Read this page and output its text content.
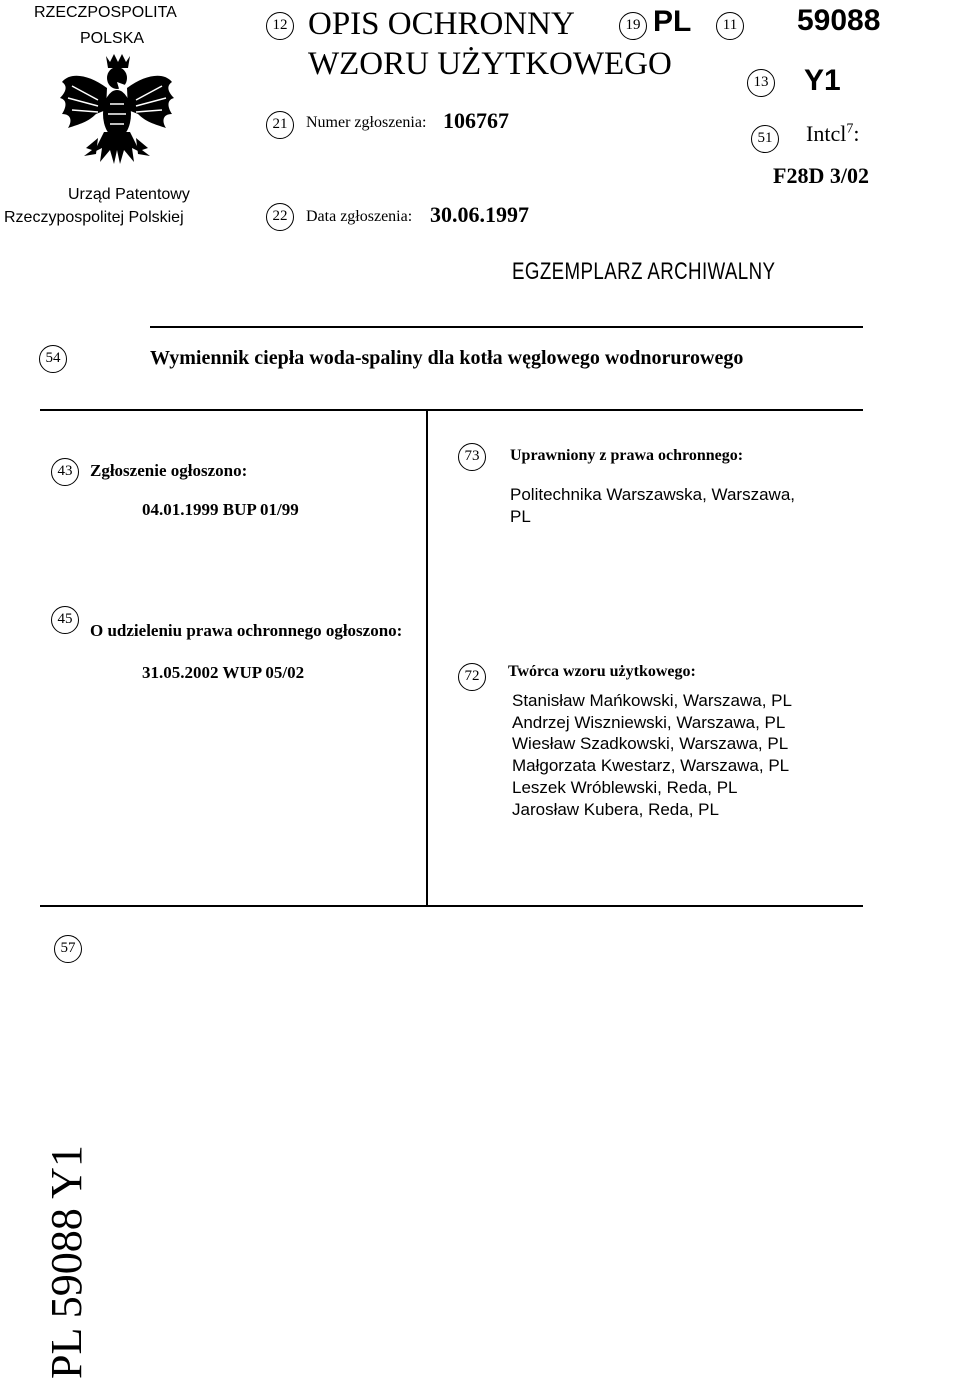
RZECZPOSPOLITA
POLSKA
Urząd Patentowy
Rzeczypospolitej Polskiej
12 OPIS OCHRONNY
WZORU UŻYTKOWEGO
19 PL	11 59088
13 Y1
21	Numer zgłoszenia: 106767
51 Intcl$^7$:
F28D 3/02
22	Data zgłoszenia: 30.06.1997
EGZEMPLARZ ARCHIWALNY
54	Wymiennik ciepła woda-spaliny dla kotła węglowego wodnorurowego
43	Zgłoszenie ogłoszono:
04.01.1999 BUP 01/99
73	Uprawniony z prawa ochronnego:
Politechnika Warszawska, Warszawa,
PL
45
O udzieleniu prawa ochronnego ogłoszono:
31.05.2002 WUP 05/02	72	Twórca wzoru użytkowego:
Stanisław Mańkowski, Warszawa, PL
Andrzej Wiszniewski, Warszawa, PL
Wiesław Szadkowski, Warszawa, PL
Małgorzata Kwestarz, Warszawa, PL
Leszek Wróblewski, Reda, PL
Jarosław Kubera, Reda, PL
57
PL 59088 Y1
